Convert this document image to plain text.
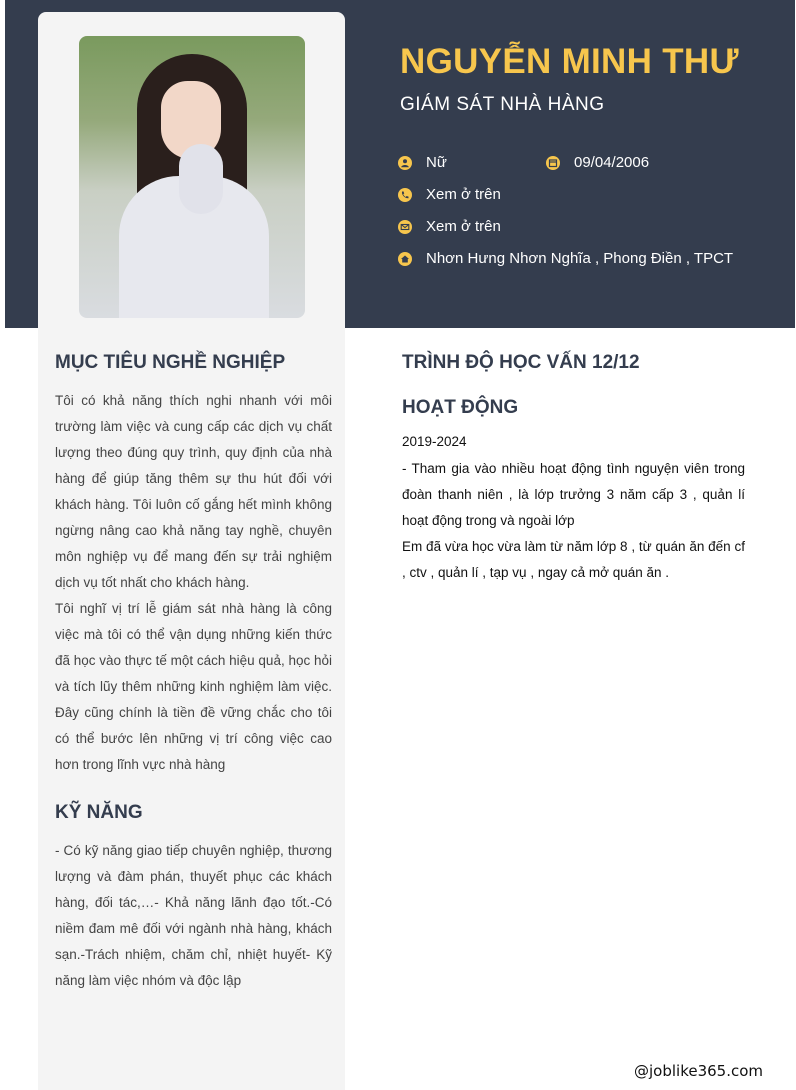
NGUYỄN MINH THƯ
GIÁM SÁT NHÀ HÀNG
Nữ	09/04/2006
Xem ở trên
Xem ở trên
Nhơn Hưng Nhơn Nghĩa , Phong Điền , TPCT
MỤC TIÊU NGHỀ NGHIỆP

Tôi có khả năng thích nghi nhanh với môi trường làm việc và cung cấp các dịch vụ chất lượng theo đúng quy trình, quy định của nhà hàng để giúp tăng thêm sự thu hút đối với khách hàng. Tôi luôn cố gắng hết mình không ngừng nâng cao khả năng tay nghề, chuyên môn nghiệp vụ để mang đến sự trải nghiệm dịch vụ tốt nhất cho khách hàng.

Tôi nghĩ vị trí lễ giám sát nhà hàng là công việc mà tôi có thể vận dụng những kiến thức đã học vào thực tế một cách hiệu quả, học hỏi và tích lũy thêm những kinh nghiệm làm việc. Đây cũng chính là tiền đề vững chắc cho tôi có thể bước lên những vị trí công việc cao hơn trong lĩnh vực nhà hàng

KỸ NĂNG

- Có kỹ năng giao tiếp chuyên nghiệp, thương lượng và đàm phán, thuyết phục các khách hàng, đối tác,…- Khả năng lãnh đạo tốt.-Có niềm đam mê đối với ngành nhà hàng, khách sạn.-Trách nhiệm, chăm chỉ, nhiệt huyết- Kỹ năng làm việc nhóm và độc lập

TRÌNH ĐỘ HỌC VẤN 12/12
HOẠT ĐỘNG
2019-2024

- Tham gia vào nhiều hoạt động tình nguyện viên trong đoàn thanh niên , là lớp trưởng 3 năm cấp 3 , quản lí hoạt động trong và ngoài lớp

Em đã vừa học vừa làm từ năm lớp 8 , từ quán ăn đến cf , ctv , quản lí , tạp vụ , ngay cả mở quán ăn .

@joblike365.com
